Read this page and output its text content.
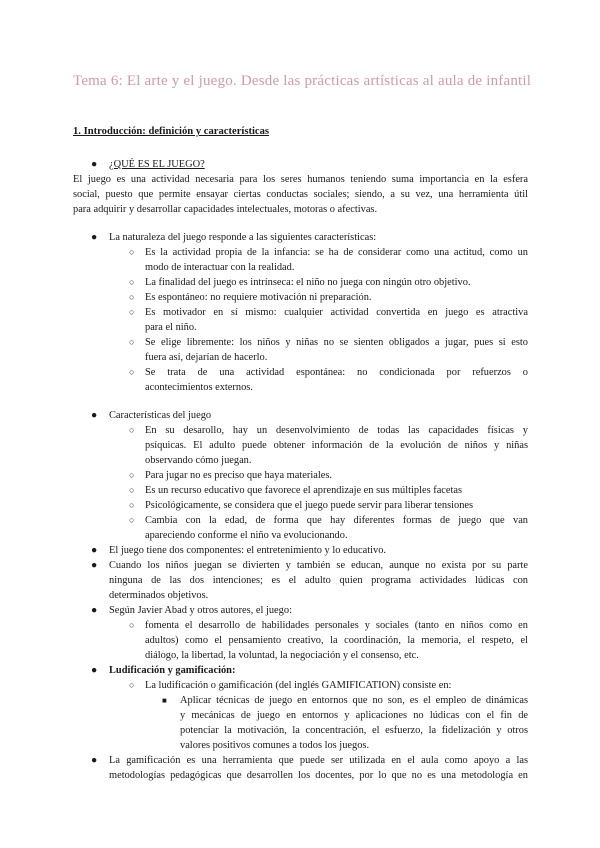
Tema 6: El arte y el juego. Desde las prácticas artísticas al aula de infantil
1. Introducción: definición y características
● ¿QUÉ ES EL JUEGO?
El juego es una actividad necesaria para los seres humanos teniendo suma importancia en la esfera
social, puesto que permite ensayar ciertas conductas sociales; siendo, a su vez, una herramienta útil
para adquirir y desarrollar capacidades intelectuales, motoras o afectivas.
● La naturaleza del juego responde a las siguientes características:
○ Es la actividad propia de la infancia: se ha de considerar como una actitud, como un
modo de interactuar con la realidad.
○ La finalidad del juego es intrínseca: el niño no juega con ningún otro objetivo.
○ Es espontáneo: no requiere motivación ni preparación.
○ Es motivador en sí mismo: cualquier actividad convertida en juego es atractiva
para el niño.
○ Se elige libremente: los niños y niñas no se sienten obligados a jugar, pues si esto
fuera así, dejarían de hacerlo.
○ Se trata de una actividad espontánea: no condicionada por refuerzos o
acontecimientos externos.
● Características del juego
○ En su desarollo, hay un desenvolvimiento de todas las capacidades físicas y
psíquicas. El adulto puede obtener información de la evolución de niños y niñas
observando cómo juegan.
○ Para jugar no es preciso que haya materiales.
○ Es un recurso educativo que favorece el aprendizaje en sus múltiples facetas
○ Psicológicamente, se considera que el juego puede servir para liberar tensiones
○ Cambia con la edad, de forma que hay diferentes formas de juego que van
apareciendo conforme el niño va evolucionando.
● El juego tiene dos componentes: el entretenimiento y lo educativo.
● Cuando los niños juegan se divierten y también se educan, aunque no exista por su parte
ninguna de las dos intenciones; es el adulto quien programa actividades lúdicas con
determinados objetivos.
● Según Javier Abad y otros autores, el juego:
○ fomenta el desarrollo de habilidades personales y sociales (tanto en niños como en
adultos) como el pensamiento creativo, la coordinación, la memoria, el respeto, el
diálogo, la libertad, la voluntad, la negociación y el consenso, etc.
● Ludificación y gamificación:
○ La ludificación o gamificación (del inglés GAMIFICATION) consiste en:
■ Aplicar técnicas de juego en entornos que no son, es el empleo de dinámicas
y mecánicas de juego en entornos y aplicaciones no lúdicas con el fin de
potenciar la motivación, la concentración, el esfuerzo, la fidelización y otros
valores positivos comunes a todos los juegos.
● La gamificación es una herramienta que puede ser utilizada en el aula como apoyo a las
metodologías pedagógicas que desarrollen los docentes, por lo que no es una metodología en
